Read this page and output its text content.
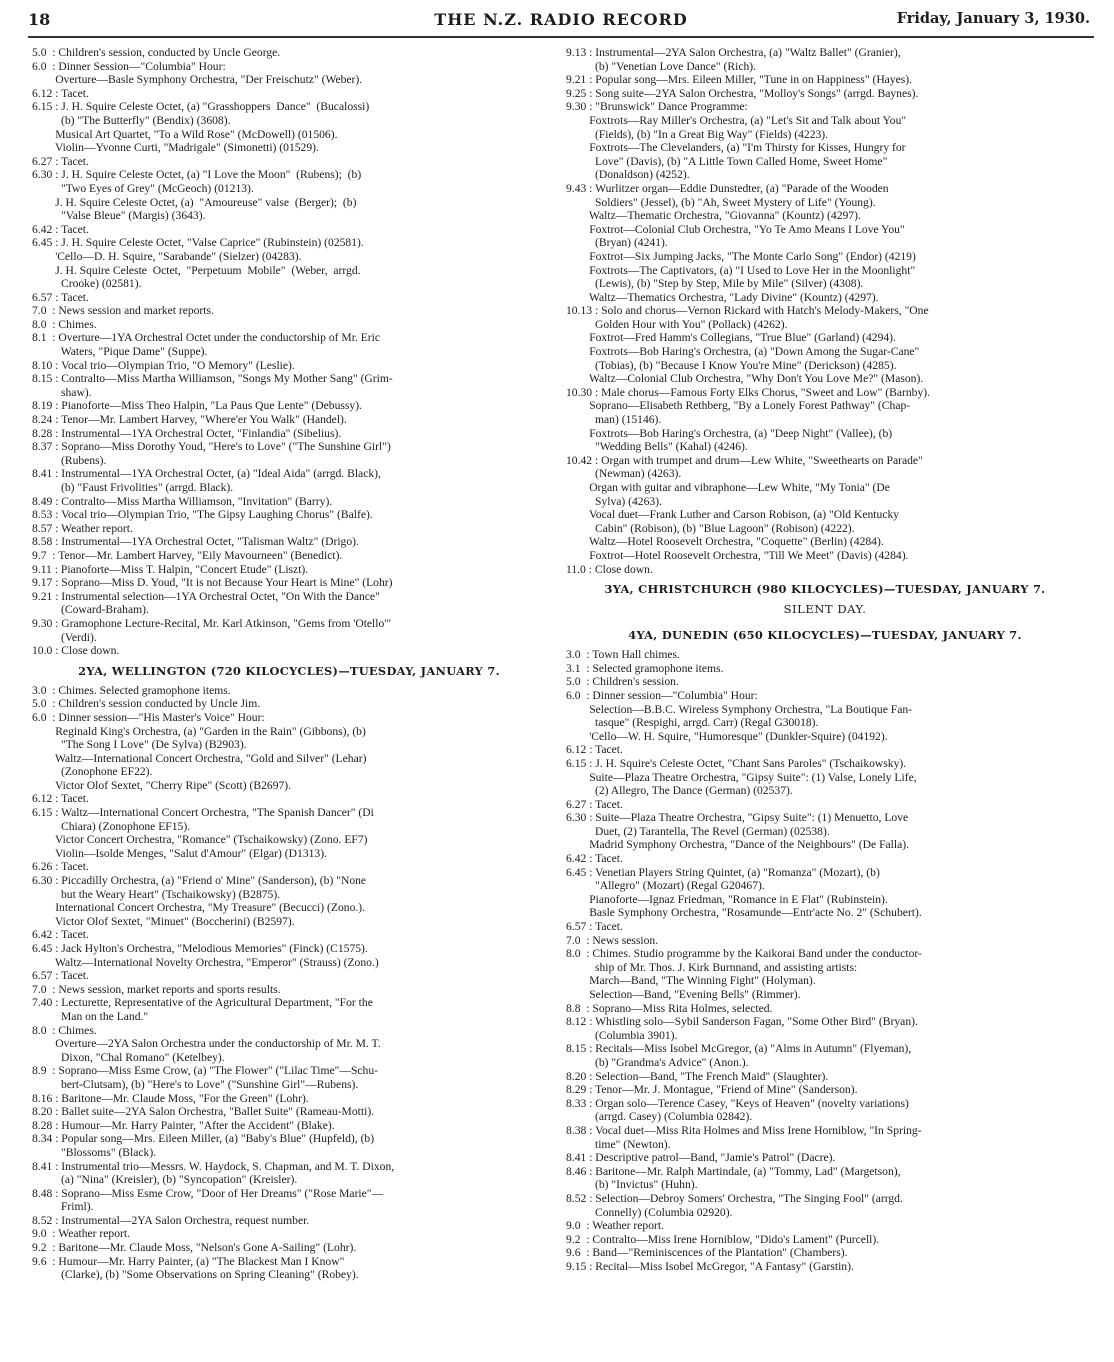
18	THE N.Z. RADIO RECORD	Friday, January 3, 1930.
5.0  : Children's session, conducted by Uncle George.
6.0  : Dinner Session—"Columbia" Hour:
Overture—Basle Symphony Orchestra, "Der Freischutz" (Weber).
6.12 : Tacet.
6.15 : J. H. Squire Celeste Octet, (a) "Grasshoppers  Dance"  (Bucalossi)
(b) "The Butterfly" (Bendix) (3608).
Musical Art Quartet, "To a Wild Rose" (McDowell) (01506).
Violin—Yvonne Curti, "Madrigale" (Simonetti) (01529).
6.27 : Tacet.
6.30 : J. H. Squire Celeste Octet, (a) "I Love the Moon"  (Rubens);  (b)
"Two Eyes of Grey" (McGeoch) (01213).
J. H. Squire Celeste Octet, (a)  "Amoureuse" valse  (Berger);  (b)
"Valse Bleue" (Margis) (3643).
6.42 : Tacet.
6.45 : J. H. Squire Celeste Octet, "Valse Caprice" (Rubinstein) (02581).
'Cello—D. H. Squire, "Sarabande" (Sielzer) (04283).
J. H. Squire Celeste  Octet,  "Perpetuum  Mobile"  (Weber,  arrgd.
Crooke) (02581).
6.57 : Tacet.
7.0  : News session and market reports.
8.0  : Chimes.
8.1  : Overture—1YA Orchestral Octet under the conductorship of Mr. Eric
Waters, "Pique Dame" (Suppe).
8.10 : Vocal trio—Olympian Trio, "O Memory" (Leslie).
8.15 : Contralto—Miss Martha Williamson, "Songs My Mother Sang" (Grim-
shaw).
8.19 : Pianoforte—Miss Theo Halpin, "La Paus Que Lente" (Debussy).
8.24 : Tenor—Mr. Lambert Harvey, "Where'er You Walk" (Handel).
8.28 : Instrumental—1YA Orchestral Octet, "Finlandia" (Sibelius).
8.37 : Soprano—Miss Dorothy Youd, "Here's to Love" ("The Sunshine Girl")
(Rubens).
8.41 : Instrumental—1YA Orchestral Octet, (a) "Ideal Aida" (arrgd. Black),
(b) "Faust Frivolities" (arrgd. Black).
8.49 : Contralto—Miss Martha Williamson, "Invitation" (Barry).
8.53 : Vocal trio—Olympian Trio, "The Gipsy Laughing Chorus" (Balfe).
8.57 : Weather report.
8.58 : Instrumental—1YA Orchestral Octet, "Talisman Waltz" (Drigo).
9.7  : Tenor—Mr. Lambert Harvey, "Eily Mavourneen" (Benedict).
9.11 : Pianoforte—Miss T. Halpin, "Concert Etude" (Liszt).
9.17 : Soprano—Miss D. Youd, "It is not Because Your Heart is Mine" (Lohr)
9.21 : Instrumental selection—1YA Orchestral Octet, "On With the Dance"
(Coward-Braham).
9.30 : Gramophone Lecture-Recital, Mr. Karl Atkinson, "Gems from 'Otello'"
(Verdi).
10.0 : Close down.
2YA, WELLINGTON (720 KILOCYCLES)—TUESDAY, JANUARY 7.
3.0  : Chimes. Selected gramophone items.
5.0  : Children's session conducted by Uncle Jim.
6.0  : Dinner session—"His Master's Voice" Hour:
Reginald King's Orchestra, (a) "Garden in the Rain" (Gibbons), (b)
"The Song I Love" (De Sylva) (B2903).
Waltz—International Concert Orchestra, "Gold and Silver" (Lehar)
(Zonophone EF22).
Victor Olof Sextet, "Cherry Ripe" (Scott) (B2697).
6.12 : Tacet.
6.15 : Waltz—International Concert Orchestra, "The Spanish Dancer" (Di
Chiara) (Zonophone EF15).
Victor Concert Orchestra, "Romance" (Tschaikowsky) (Zono. EF7)
Violin—Isolde Menges, "Salut d'Amour" (Elgar) (D1313).
6.26 : Tacet.
6.30 : Piccadilly Orchestra, (a) "Friend o' Mine" (Sanderson), (b) "None
but the Weary Heart" (Tschaikowsky) (B2875).
International Concert Orchestra, "My Treasure" (Becucci) (Zono.).
Victor Olof Sextet, "Minuet" (Boccherini) (B2597).
6.42 : Tacet.
6.45 : Jack Hylton's Orchestra, "Melodious Memories" (Finck) (C1575).
Waltz—International Novelty Orchestra, "Emperor" (Strauss) (Zono.)
6.57 : Tacet.
7.0  : News session, market reports and sports results.
7.40 : Lecturette, Representative of the Agricultural Department, "For the
Man on the Land."
8.0  : Chimes.
Overture—2YA Salon Orchestra under the conductorship of Mr. M. T.
Dixon, "Chal Romano" (Ketelbey).
8.9  : Soprano—Miss Esme Crow, (a) "The Flower" ("Lilac Time"—Schu-
bert-Clutsam), (b) "Here's to Love" ("Sunshine Girl"—Rubens).
8.16 : Baritone—Mr. Claude Moss, "For the Green" (Lohr).
8.20 : Ballet suite—2YA Salon Orchestra, "Ballet Suite" (Rameau-Motti).
8.28 : Humour—Mr. Harry Painter, "After the Accident" (Blake).
8.34 : Popular song—Mrs. Eileen Miller, (a) "Baby's Blue" (Hupfeld), (b)
"Blossoms" (Black).
8.41 : Instrumental trio—Messrs. W. Haydock, S. Chapman, and M. T. Dixon,
(a) "Nina" (Kreisler), (b) "Syncopation" (Kreisler).
8.48 : Soprano—Miss Esme Crow, "Door of Her Dreams" ("Rose Marie"—
Friml).
8.52 : Instrumental—2YA Salon Orchestra, request number.
9.0  : Weather report.
9.2  : Baritone—Mr. Claude Moss, "Nelson's Gone A-Sailing" (Lohr).
9.6  : Humour—Mr. Harry Painter, (a) "The Blackest Man I Know"
(Clarke), (b) "Some Observations on Spring Cleaning" (Robey).
9.13 : Instrumental—2YA Salon Orchestra, (a) "Waltz Ballet" (Granier),
(b) "Venetian Love Dance" (Rich).
9.21 : Popular song—Mrs. Eileen Miller, "Tune in on Happiness" (Hayes).
9.25 : Song suite—2YA Salon Orchestra, "Molloy's Songs" (arrgd. Baynes).
9.30 : "Brunswick" Dance Programme:
Foxtrots—Ray Miller's Orchestra, (a) "Let's Sit and Talk about You"
(Fields), (b) "In a Great Big Way" (Fields) (4223).
Foxtrots—The Clevelanders, (a) "I'm Thirsty for Kisses, Hungry for
Love" (Davis), (b) "A Little Town Called Home, Sweet Home"
(Donaldson) (4252).
9.43 : Wurlitzer organ—Eddie Dunstedter, (a) "Parade of the Wooden
Soldiers" (Jessel), (b) "Ah, Sweet Mystery of Life" (Young).
Waltz—Thematic Orchestra, "Giovanna" (Kountz) (4297).
Foxtrot—Colonial Club Orchestra, "Yo Te Amo Means I Love You"
(Bryan) (4241).
Foxtrot—Six Jumping Jacks, "The Monte Carlo Song" (Endor) (4219)
Foxtrots—The Captivators, (a) "I Used to Love Her in the Moonlight"
(Lewis), (b) "Step by Step, Mile by Mile" (Silver) (4308).
Waltz—Thematics Orchestra, "Lady Divine" (Kountz) (4297).
10.13 : Solo and chorus—Vernon Rickard with Hatch's Melody-Makers, "One
Golden Hour with You" (Pollack) (4262).
Foxtrot—Fred Hamm's Collegians, "True Blue" (Garland) (4294).
Foxtrots—Bob Haring's Orchestra, (a) "Down Among the Sugar-Cane"
(Tobias), (b) "Because I Know You're Mine" (Derickson) (4285).
Waltz—Colonial Club Orchestra, "Why Don't You Love Me?" (Mason).
10.30 : Male chorus—Famous Forty Elks Chorus, "Sweet and Low" (Barnby).
Soprano—Elisabeth Rethberg, "By a Lonely Forest Pathway" (Chap-
man) (15146).
Foxtrots—Bob Haring's Orchestra, (a) "Deep Night" (Vallee), (b)
"Wedding Bells" (Kahal) (4246).
10.42 : Organ with trumpet and drum—Lew White, "Sweethearts on Parade"
(Newman) (4263).
Organ with guitar and vibraphone—Lew White, "My Tonia" (De
Sylva) (4263).
Vocal duet—Frank Luther and Carson Robison, (a) "Old Kentucky
Cabin" (Robison), (b) "Blue Lagoon" (Robison) (4222).
Waltz—Hotel Roosevelt Orchestra, "Coquette" (Berlin) (4284).
Foxtrot—Hotel Roosevelt Orchestra, "Till We Meet" (Davis) (4284).
11.0 : Close down.
3YA, CHRISTCHURCH (980 KILOCYCLES)—TUESDAY, JANUARY 7.
SILENT DAY.
4YA, DUNEDIN (650 KILOCYCLES)—TUESDAY, JANUARY 7.
3.0  : Town Hall chimes.
3.1  : Selected gramophone items.
5.0  : Children's session.
6.0  : Dinner session—"Columbia" Hour:
Selection—B.B.C. Wireless Symphony Orchestra, "La Boutique Fan-
tasque" (Respighi, arrgd. Carr) (Regal G30018).
'Cello—W. H. Squire, "Humoresque" (Dunkler-Squire) (04192).
6.12 : Tacet.
6.15 : J. H. Squire's Celeste Octet, "Chant Sans Paroles" (Tschaikowsky).
Suite—Plaza Theatre Orchestra, "Gipsy Suite": (1) Valse, Lonely Life,
(2) Allegro, The Dance (German) (02537).
6.27 : Tacet.
6.30 : Suite—Plaza Theatre Orchestra, "Gipsy Suite": (1) Menuetto, Love
Duet, (2) Tarantella, The Revel (German) (02538).
Madrid Symphony Orchestra, "Dance of the Neighbours" (De Falla).
6.42 : Tacet.
6.45 : Venetian Players String Quintet, (a) "Romanza" (Mozart), (b)
"Allegro" (Mozart) (Regal G20467).
Pianoforte—Ignaz Friedman, "Romance in E Flat" (Rubinstein).
Basle Symphony Orchestra, "Rosamunde—Entr'acte No. 2" (Schubert).
6.57 : Tacet.
7.0  : News session.
8.0  : Chimes. Studio programme by the Kaikorai Band under the conductor-
ship of Mr. Thos. J. Kirk Burnnand, and assisting artists:
March—Band, "The Winning Fight" (Holyman).
Selection—Band, "Evening Bells" (Rimmer).
8.8  : Soprano—Miss Rita Holmes, selected.
8.12 : Whistling solo—Sybil Sanderson Fagan, "Some Other Bird" (Bryan).
(Columbia 3901).
8.15 : Recitals—Miss Isobel McGregor, (a) "Alms in Autumn" (Flyeman),
(b) "Grandma's Advice" (Anon.).
8.20 : Selection—Band, "The French Maid" (Slaughter).
8.29 : Tenor—Mr. J. Montague, "Friend of Mine" (Sanderson).
8.33 : Organ solo—Terence Casey, "Keys of Heaven" (novelty variations)
(arrgd. Casey) (Columbia 02842).
8.38 : Vocal duet—Miss Rita Holmes and Miss Irene Horniblow, "In Spring-
time" (Newton).
8.41 : Descriptive patrol—Band, "Jamie's Patrol" (Dacre).
8.46 : Baritone—Mr. Ralph Martindale, (a) "Tommy, Lad" (Margetson),
(b) "Invictus" (Huhn).
8.52 : Selection—Debroy Somers' Orchestra, "The Singing Fool" (arrgd.
Connelly) (Columbia 02920).
9.0  : Weather report.
9.2  : Contralto—Miss Irene Horniblow, "Dido's Lament" (Purcell).
9.6  : Band—"Reminiscences of the Plantation" (Chambers).
9.15 : Recital—Miss Isobel McGregor, "A Fantasy" (Garstin).
